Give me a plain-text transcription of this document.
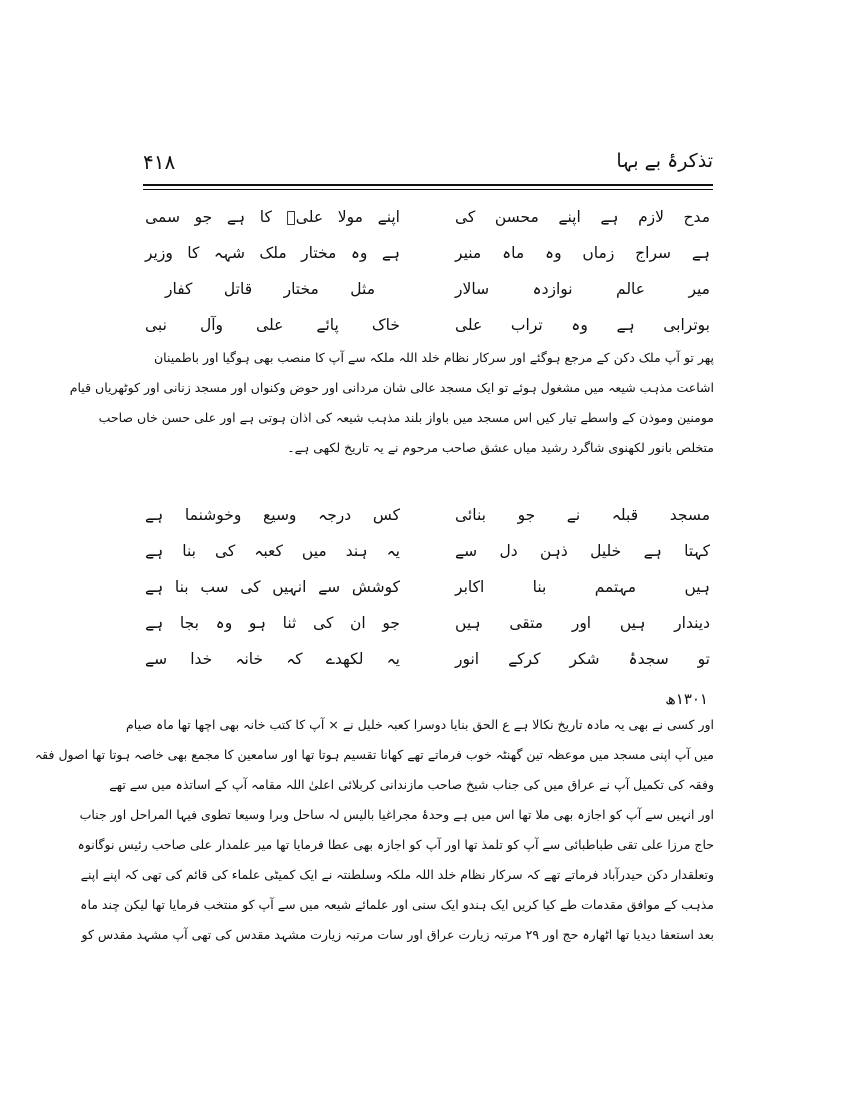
۴۱۸	تذکرۂ بے بہا
مدح
لازم
ہے
اپنے
محسن
کی
اپنے
مولا
علیؑ
کا
ہے
جو
سمی
ہے
سراج
زماں
وہ
ماہ
منیر
ہے
وہ
مختار
ملک
شہہ
کا
وزیر
میر
عالم
نوازدہ
سالار
مثل
مختار
قاتل
کفار
بوترابی
ہے
وہ
تراب
علی
خاک
پائے
علی
وآل
نبی

پھر تو آپ ملک دکن کے مرجع ہوگئے اور سرکار نظام خلد اللہ ملکہ سے آپ کا منصب بھی ہوگیا اور باطمینان

اشاعت مذہب شیعہ میں مشغول ہوئے تو ایک مسجد عالی شان مردانی اور حوض وکنواں اور مسجد زنانی اور کوٹھریاں قیام

مومنین وموذن کے واسطے تیار کیں اس مسجد میں باواز بلند مذہب شیعہ کی اذان ہوتی ہے اور علی حسن خاں صاحب

متخلص بانور لکھنوی شاگرد رشید میاں عشق صاحب مرحوم نے یہ تاریخ لکھی ہے۔

مسجد
قبلہ
نے
جو
بنائی
کس
درجہ
وسیع
وخوشنما
ہے
کہتا
ہے
خلیل
ذہن
دل
سے
یہ
ہند
میں
کعبہ
کی
بنا
ہے
ہیں
مہتمم
بنا
اکابر
کوشش
سے
انہیں
کی
سب
بنا
ہے
دیندار
ہیں
اور
متقی
ہیں
جو
ان
کی
ثنا
ہو
وہ
بجا
ہے
تو
سجدۂ
شکر
کرکے
انور
یہ
لکھدے
کہ
خانہ
خدا
سے
۱۳۰۱ھ

اور کسی نے بھی یہ مادہ تاریخ نکالا ہے ع الحق بنایا دوسرا کعبہ خلیل نے × آپ کا کتب خانہ بھی اچھا تھا ماہ صیام

میں آپ اپنی مسجد میں موعظہ تین گھنٹہ خوب فرماتے تھے کھانا تقسیم ہوتا تھا اور سامعین کا مجمع بھی خاصہ ہوتا تھا اصول فقہ

وفقہ کی تکمیل آپ نے عراق میں کی جناب شیخ صاحب مازندانی کربلائی اعلیٰ اللہ مقامہ آپ کے اساتذہ میں سے تھے

اور انہیں سے آپ کو اجازہ بھی ملا تھا اس میں ہے وحدۂ مجراغیا بالیس لہ ساحل وبرا وسیعا تطوی فیہا المراحل اور جناب

حاج مرزا علی تقی طباطبائی سے آپ کو تلمذ تھا اور آپ کو اجازہ بھی عطا فرمایا تھا میر علمدار علی صاحب رئیس نوگانوہ

وتعلقدار دکن حیدرآباد فرماتے تھے کہ سرکار نظام خلد اللہ ملکہ وسلطنتہ نے ایک کمیٹی علماء کی قائم کی تھی کہ اپنے اپنے

مذہب کے موافق مقدمات طے کیا کریں ایک ہندو ایک سنی اور علمائے شیعہ میں سے آپ کو منتخب فرمایا تھا لیکن چند ماہ

بعد استعفا دیدیا تھا اٹھارہ حج اور ۲۹ مرتبہ زیارت عراق اور سات مرتبہ زیارت مشہد مقدس کی تھی آپ مشہد مقدس کو
